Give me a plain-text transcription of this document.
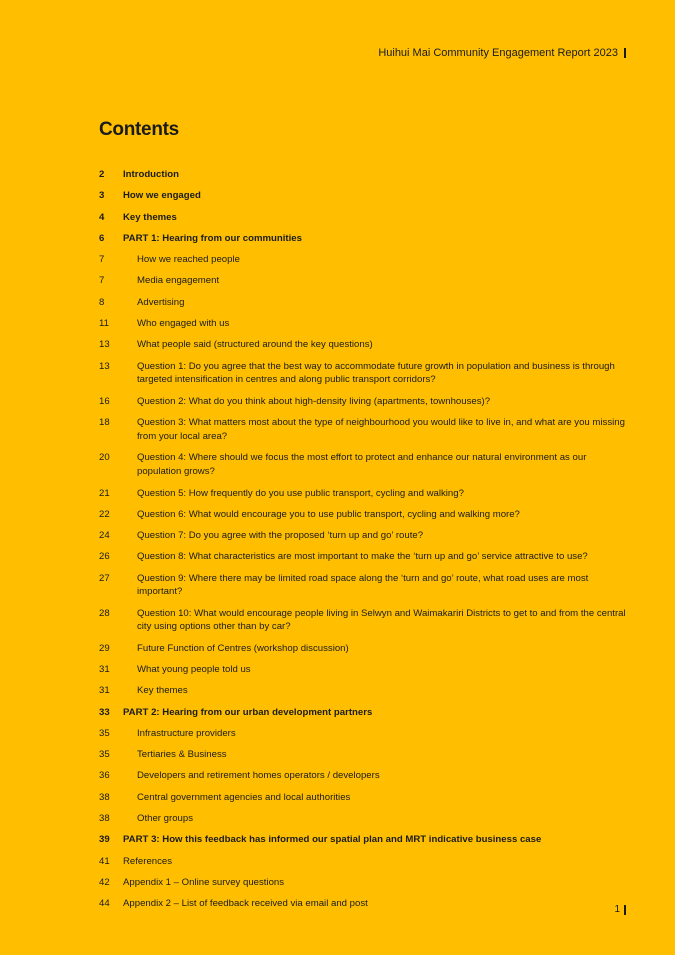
Huihui Mai Community Engagement Report 2023
Contents
2	Introduction
3	How we engaged
4	Key themes
6	PART 1: Hearing from our communities
7	How we reached people
7	Media engagement
8	Advertising
11	Who engaged with us
13	What people said (structured around the key questions)
13	Question 1: Do you agree that the best way to accommodate future growth in population and business is through targeted intensification in centres and along public transport corridors?
16	Question 2: What do you think about high-density living (apartments, townhouses)?
18	Question 3: What matters most about the type of neighbourhood you would like to live in, and what are you missing from your local area?
20	Question 4: Where should we focus the most effort to protect and enhance our natural environment as our population grows?
21	Question 5: How frequently do you use public transport, cycling and walking?
22	Question 6: What would encourage you to use public transport, cycling and walking more?
24	Question 7: Do you agree with the proposed ‘turn up and go’ route?
26	Question 8: What characteristics are most important to make the ‘turn up and go’ service attractive to use?
27	Question 9: Where there may be limited road space along the ‘turn and go’ route, what road uses are most important?
28	Question 10: What would encourage people living in Selwyn and Waimakariri Districts to get to and from the central city using options other than by car?
29	Future Function of Centres (workshop discussion)
31	What young people told us
31	Key themes
33	PART 2: Hearing from our urban development partners
35	Infrastructure providers
35	Tertiaries & Business
36	Developers and retirement homes operators / developers
38	Central government agencies and local authorities
38	Other groups
39	PART 3: How this feedback has informed our spatial plan and MRT indicative business case
41	References
42	Appendix 1 – Online survey questions
44	Appendix 2 – List of feedback received via email and post
1
